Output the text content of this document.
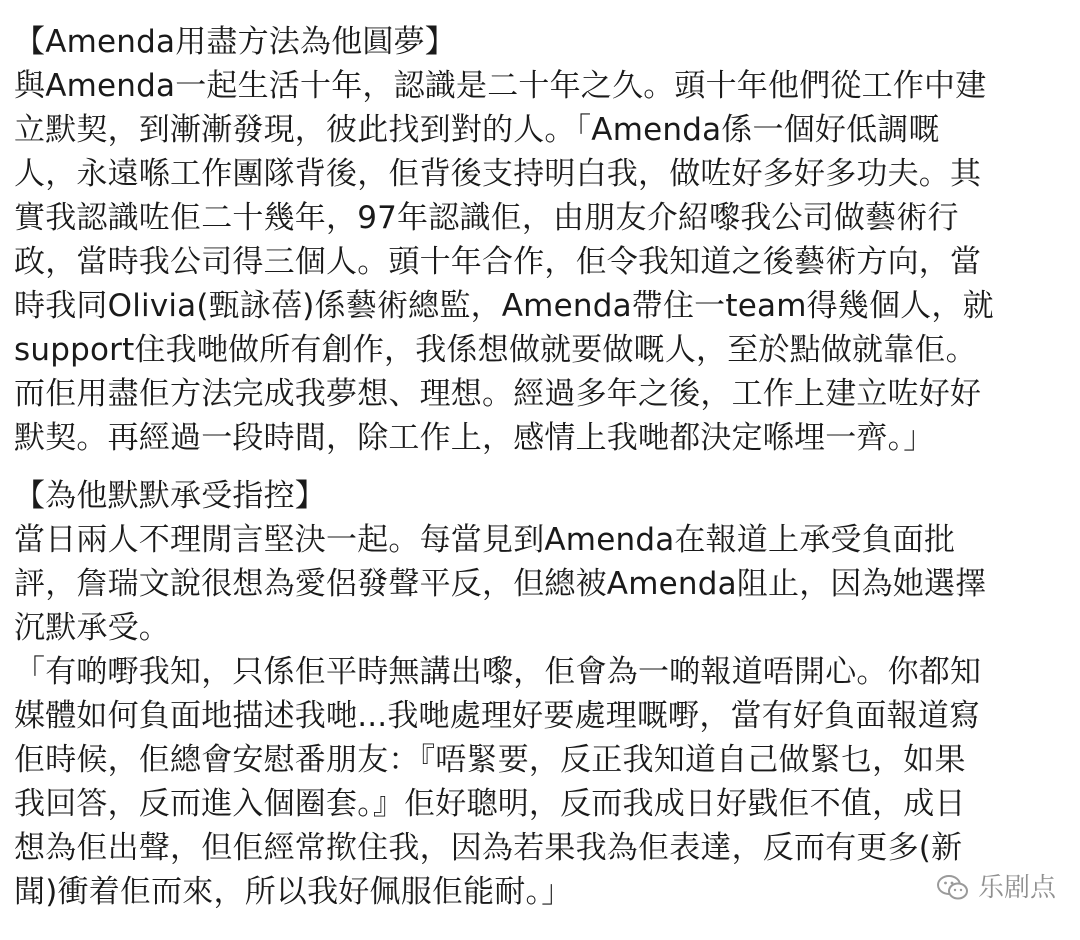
【Amenda用盡方法為他圓夢】
與Amenda一起生活十年，認識是二十年之久。頭十年他們從工作中建
立默契，到漸漸發現，彼此找到對的人。「Amenda係一個好低調嘅
人，永遠喺工作團隊背後，佢背後支持明白我，做咗好多好多功夫。其
實我認識咗佢二十幾年，97年認識佢，由朋友介紹嚟我公司做藝術行
政，當時我公司得三個人。頭十年合作，佢令我知道之後藝術方向，當
時我同Olivia(甄詠蓓)係藝術總監，Amenda帶住一team得幾個人，就
support住我哋做所有創作，我係想做就要做嘅人，至於點做就靠佢。
而佢用盡佢方法完成我夢想、理想。經過多年之後，工作上建立咗好好
默契。再經過一段時間，除工作上，感情上我哋都決定喺埋一齊。」
【為他默默承受指控】
當日兩人不理閒言堅決一起。每當見到Amenda在報道上承受負面批
評，詹瑞文說很想為愛侶發聲平反，但總被Amenda阻止，因為她選擇
沉默承受。
「有啲嘢我知，只係佢平時無講出嚟，佢會為一啲報道唔開心。你都知
媒體如何負面地描述我哋...我哋處理好要處理嘅嘢，當有好負面報道寫
佢時候，佢總會安慰番朋友：『唔緊要，反正我知道自己做緊乜，如果
我回答，反而進入個圈套。』佢好聰明，反而我成日好戥佢不值，成日
想為佢出聲，但佢經常揿住我，因為若果我為佢表達，反而有更多(新
聞)衝着佢而來，所以我好佩服佢能耐。」	乐剧点
